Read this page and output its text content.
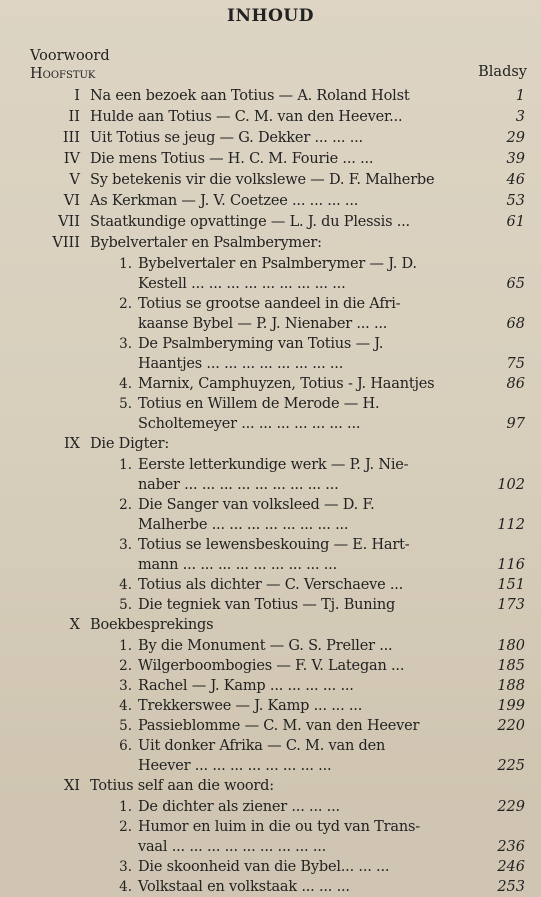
INHOUD
Voorwoord
Hoofstuk	Bladsy
I Na een bezoek aan Totius — A. Roland Holst	1
II Hulde aan Totius — C. M. van den Heever...	3
III Uit Totius se jeug — G. Dekker ... ... ...	29
IV Die mens Totius — H. C. M. Fourie ... ...	39
V Sy betekenis vir die volkslewe — D. F. Malherbe	46
VI As Kerkman — J. V. Coetzee ... ... ... ...	53
VII Staatkundige opvattinge — L. J. du Plessis ...	61
VIII Bybelvertaler en Psalmberymer:
1. Bybelvertaler en Psalmberymer — J. D.
Kestell ... ... ... ... ... ... ... ... ...	65
2. Totius se grootse aandeel in die Afri-
kaanse Bybel — P. J. Nienaber ... ...	68
3. De Psalmberyming van Totius — J.
Haantjes ... ... ... ... ... ... ... ...	75
4. Marnix, Camphuyzen, Totius - J. Haantjes	86
5. Totius en Willem de Merode — H.
Scholtemeyer ... ... ... ... ... ... ...	97
IX Die Digter:
1. Eerste letterkundige werk — P. J. Nie-
naber ... ... ... ... ... ... ... ... ...	102
2. Die Sanger van volksleed — D. F.
Malherbe ... ... ... ... ... ... ... ...	112
3. Totius se lewensbeskouing — E. Hart-
mann ... ... ... ... ... ... ... ... ...	116
4. Totius als dichter — C. Verschaeve ...	151
5. Die tegniek van Totius — Tj. Buning	173
X Boekbesprekings
1. By die Monument — G. S. Preller ...	180
2. Wilgerboombogies — F. V. Lategan ...	185
3. Rachel — J. Kamp ... ... ... ... ...	188
4. Trekkerswee — J. Kamp ... ... ...	199
5. Passieblomme — C. M. van den Heever	220
6. Uit donker Afrika — C. M. van den
Heever ... ... ... ... ... ... ... ...	225
XI Totius self aan die woord:
1. De dichter als ziener ... ... ...	229
2. Humor en luim in die ou tyd van Trans-
vaal ... ... ... ... ... ... ... ... ...	236
3. Die skoonheid van die Bybel... ... ...	246
4. Volkstaal en volkstaak ... ... ...	253
